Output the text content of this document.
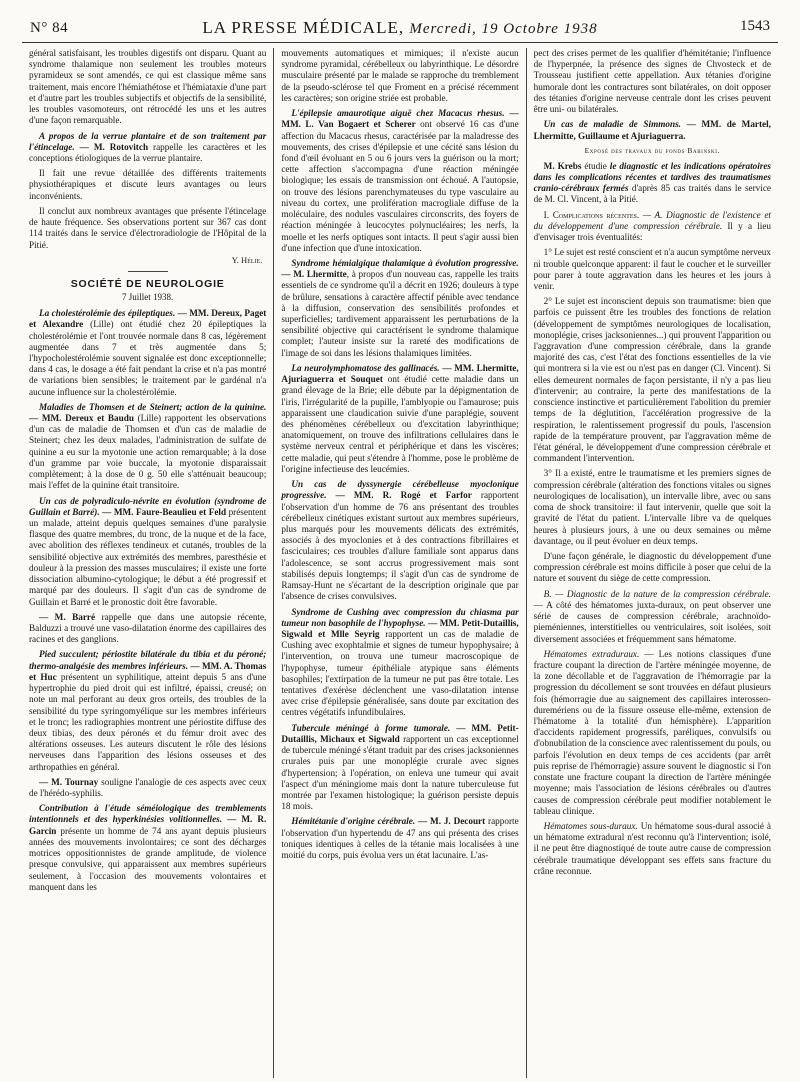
N° 84	LA PRESSE MÉDICALE, Mercredi, 19 Octobre 1938	1543

général satisfaisant, les troubles digestifs ont disparu. Quant au syndrome thalamique non seulement les troubles moteurs pyramideux se sont amendés, ce qui est classique même sans traitement, mais encore l'hémiathétose et l'hémiataxie d'une part et d'autre part les troubles subjectifs et objectifs de la sensibilité, les troubles vasomoteurs, ont rétrocédé les uns et les autres d'une façon remarquable.

A propos de la verrue plantaire et de son traitement par l'étincelage. — M. Rotovitch rappelle les caractères et les conceptions étiologiques de la verrue plantaire.

Il fait une revue détaillée des différents traitements physiothérapiques et discute leurs avantages ou leurs inconvénients.

Il conclut aux nombreux avantages que présente l'étincelage de haute fréquence. Ses observations portent sur 367 cas dont 114 traités dans le service d'électroradiologie de l'Hôpital de la Pitié.

Y. Hélie.

SOCIÉTÉ DE NEUROLOGIE
7 Juillet 1938.

La cholestérolémie des épileptiques. — MM. Dereux, Paget et Alexandre (Lille) ont étudié chez 20 épileptiques la cholestérolémie et l'ont trouvée normale dans 8 cas, légèrement augmentée dans 7 et très augmentée dans 5; l'hypocholestérolémie souvent signalée est donc exceptionnelle; dans 4 cas, le dosage a été fait pendant la crise et n'a pas montré de variations bien sensibles; le traitement par le gardénal n'a aucune influence sur la cholestérolémie.

Maladies de Thomsen et de Steinert; action de la quinine. — MM. Dereux et Baudu (Lille) rapportent les observations d'un cas de maladie de Thomsen et d'un cas de maladie de Steinert; chez les deux malades, l'administration de sulfate de quinine a eu sur la myotonie une action remarquable; à la dose d'un gramme par voie buccale, la myotonie disparaissait complètement; à la dose de 0 g. 50 elle s'atténuait beaucoup; mais l'effet de la quinine était transitoire.

Un cas de polyradiculo-névrite en évolution (syndrome de Guillain et Barré). — MM. Faure-Beaulieu et Feld présentent un malade, atteint depuis quelques semaines d'une paralysie flasque des quatre membres, du tronc, de la nuque et de la face, avec abolition des réflexes tendineux et cutanés, troubles de la sensibilité objective aux extrémités des membres, paresthésie et douleur à la pression des masses musculaires; il existe une forte dissociation albumino-cytologique; le début a été progressif et marqué par des douleurs. Il s'agit d'un cas de syndrome de Guillain et Barré et le pronostic doit être favorable.

— M. Barré rappelle que dans une autopsie récente, Balduzzi a trouvé une vaso-dilatation énorme des capillaires des racines et des ganglions.

Pied succulent; périostite bilatérale du tibia et du péroné; thermo-analgésie des membres inférieurs. — MM. A. Thomas et Huc présentent un syphilitique, atteint depuis 5 ans d'une hypertrophie du pied droit qui est infiltré, épaissi, creusé; on note un mal perforant au deux gros orteils, des troubles de la sensibilité du type syringomyélique sur les membres inférieurs et le tronc; les radiographies montrent une périostite diffuse des deux tibias, des deux péronés et du fémur droit avec des altérations osseuses. Les auteurs discutent le rôle des lésions nerveuses dans l'apparition des lésions osseuses et des arthropathies en général.

— M. Tournay souligne l'analogie de ces aspects avec ceux de l'hérédo-syphilis.

Contribution à l'étude séméiologique des tremblements intentionnels et des hyperkinésies volitionnelles. — M. R. Garcin présente un homme de 74 ans ayant depuis plusieurs années des mouvements involontaires; ce sont des décharges motrices oppositionnistes de grande amplitude, de violence presque convulsive, qui apparaissent aux membres supérieurs seulement, à l'occasion des mouvements volontaires et manquent dans les

mouvements automatiques et mimiques; il n'existe aucun syndrome pyramidal, cérébelleux ou labyrinthique. Le désordre musculaire présenté par le malade se rapproche du tremblement de la pseudo-sclérose tel que Froment en a précisé récemment les caractères; son origine striée est probable.

L'épilepsie amaurotique aiguë chez Macacus rhesus. — MM. L. Van Bogaert et Scherer ont observé 16 cas d'une affection du Macacus rhesus, caractérisée par la maladresse des mouvements, des crises d'épilepsie et une cécité sans lésion du fond d'œil évoluant en 5 ou 6 jours vers la guérison ou la mort; cette affection s'accompagna d'une réaction méningée biologique; les essais de transmission ont échoué. A l'autopsie, on trouve des lésions parenchymateuses du type vasculaire au niveau du cortex, une prolifération macrogliale diffuse de la moléculaire, des nodules vasculaires circonscrits, des foyers de réaction méningée à leucocytes polynucléaires; les nerfs, la moelle et les nerfs optiques sont intacts. Il peut s'agir aussi bien d'une infection que d'une intoxication.

Syndrome hémialgique thalamique à évolution progressive. — M. Lhermitte, à propos d'un nouveau cas, rappelle les traits essentiels de ce syndrome qu'il a décrit en 1926; douleurs à type de brûlure, sensations à caractère affectif pénible avec tendance à la diffusion, conservation des sensibilités profondes et superficielles; tardivement apparaissent les perturbations de la sensibilité objective qui caractérisent le syndrome thalamique complet; l'auteur insiste sur la rareté des modifications de l'image de soi dans les lésions thalamiques limitées.

La neurolymphomatose des gallinacés. — MM. Lhermitte, Ajuriaguerra et Souquet ont étudié cette maladie dans un grand élevage de la Brie; elle débute par la dépigmentation de l'iris, l'irrégularité de la pupille, l'amblyopie ou l'amaurose; puis apparaissent une claudication suivie d'une paraplégie, souvent des phénomènes cérébelleux ou d'excitation labyrinthique; anatomiquement, on trouve des infiltrations cellulaires dans le système nerveux central et périphérique et dans les viscères; cette maladie, qui peut s'étendre à l'homme, pose le problème de l'origine infectieuse des leucémies.

Un cas de dyssynergie cérébelleuse myoclonique progressive. — MM. R. Rogé et Farfor rapportent l'observation d'un homme de 76 ans présentant des troubles cérébelleux cinétiques existant surtout aux membres supérieurs, plus marqués pour les mouvements délicats des extrémités, associés à des myoclonies et à des contractions fibrillaires et fasciculaires; ces troubles d'allure familiale sont apparus dans l'adolescence, se sont accrus progressivement mais sont stabilisés depuis longtemps; il s'agit d'un cas de syndrome de Ramsay-Hunt ne s'écartant de la description originale que par l'absence de crises convulsives.

Syndrome de Cushing avec compression du chiasma par tumeur non basophile de l'hypophyse. — MM. Petit-Dutaillis, Sigwald et Mlle Seyrig rapportent un cas de maladie de Cushing avec exophtalmie et signes de tumeur hypophysaire; à l'intervention, on trouva une tumeur macroscopique de l'hypophyse, tumeur épithéliale atypique sans éléments basophiles; l'extirpation de la tumeur ne put pas être totale. Les tentatives d'exérèse déclenchent une vaso-dilatation intense avec crise d'épilepsie généralisée, sans doute par excitation des centres végétatifs infundibulaires.

Tubercule méningé à forme tumorale. — MM. Petit-Dutaillis, Michaux et Sigwald rapportent un cas exceptionnel de tubercule méningé s'étant traduit par des crises jacksoniennes crurales puis par une monoplégie crurale avec signes d'hypertension; à l'opération, on enleva une tumeur qui avait l'aspect d'un méningiome mais dont la nature tuberculeuse fut montrée par l'examen histologique; la guérison persiste depuis 18 mois.

Hémitétanie d'origine cérébrale. — M. J. Decourt rapporte l'observation d'un hypertendu de 47 ans qui présenta des crises toniques identiques à celles de la tétanie mais localisées à une moitié du corps, puis évolua vers un état lacunaire. L'as-

pect des crises permet de les qualifier d'hémitétanie; l'influence de l'hyperpnée, la présence des signes de Chvosteck et de Trousseau justifient cette appellation. Aux tétanies d'origine humorale dont les contractures sont bilatérales, on doit opposer des tétanies d'origine nerveuse centrale dont les crises peuvent être uni- ou bilatérales.

Un cas de maladie de Simmons. — MM. de Martel, Lhermitte, Guillaume et Ajuriaguerra.

Exposé des travaux du fonds Babinski.

M. Krebs étudie le diagnostic et les indications opératoires dans les complications récentes et tardives des traumatismes cranio-cérébraux fermés d'après 85 cas traités dans le service de M. Cl. Vincent, à la Pitié.

I. Complications récentes. — A. Diagnostic de l'existence et du développement d'une compression cérébrale. Il y a lieu d'envisager trois éventualités:

1° Le sujet est resté conscient et n'a aucun symptôme nerveux ni trouble quelconque apparent: il faut le coucher et le surveiller pour parer à toute aggravation dans les heures et les jours à venir.

2° Le sujet est inconscient depuis son traumatisme: bien que parfois ce puissent être les troubles des fonctions de relation (développement de symptômes neurologiques de localisation, monoplégie, crises jacksoniennes...) qui prouvent l'apparition ou l'aggravation d'une compression cérébrale, dans la grande majorité des cas, c'est l'état des fonctions essentielles de la vie qui montrera si la vie est ou n'est pas en danger (Cl. Vincent). Si elles demeurent normales de façon persistante, il n'y a pas lieu d'intervenir; au contraire, la perte des manifestations de la conscience instinctive et particulièrement l'abolition du premier temps de la déglutition, l'accélération progressive de la respiration, le ralentissement progressif du pouls, l'ascension rapide de la température prouvent, par l'aggravation même de l'état général, le développement d'une compression cérébrale et commandent l'intervention.

3° Il a existé, entre le traumatisme et les premiers signes de compression cérébrale (altération des fonctions vitales ou signes neurologiques de localisation), un intervalle libre, avec ou sans coma de shock transitoire: il faut intervenir, quelle que soit la gravité de l'état du patient. L'intervalle libre va de quelques heures à plusieurs jours, à une ou deux semaines ou même davantage, ou il peut évoluer en deux temps.

D'une façon générale, le diagnostic du développement d'une compression cérébrale est moins difficile à poser que celui de la nature et souvent du siège de cette compression.

B. — Diagnostic de la nature de la compression cérébrale. — A côté des hématomes juxta-duraux, on peut observer une série de causes de compression cérébrale, arachnoïdo-pieméniennes, interstitielles ou ventriculaires, soit isolées, soit diversement associées et fréquemment sans hématome.

Hématomes extraduraux. — Les notions classiques d'une fracture coupant la direction de l'artère méningée moyenne, de la zone décollable et de l'aggravation de l'hémorragie par la progression du décollement se sont trouvées en défaut plusieurs fois (hémorragie due au saignement des capillaires interosseo-duremériens ou de la fissure osseuse elle-même, extension de l'hématome à la totalité d'un hémisphère). L'apparition d'accidents rapidement progressifs, paréliques, convulsifs ou d'obnubilation de la conscience avec ralentissement du pouls, ou parfois l'évolution en deux temps de ces accidents (par arrêt puis reprise de l'hémorragie) assure souvent le diagnostic si l'on constate une fracture coupant la direction de l'artère méningée moyenne; mais l'association de lésions cérébrales ou d'autres causes de compression cérébrale peut modifier notablement le tableau clinique.

Hématomes sous-duraux. Un hématome sous-dural associé à un hématome extradural n'est reconnu qu'à l'intervention; isolé, il ne peut être diagnostiqué de toute autre cause de compression cérébrale traumatique développant ses effets sans fracture du crâne reconnue.
